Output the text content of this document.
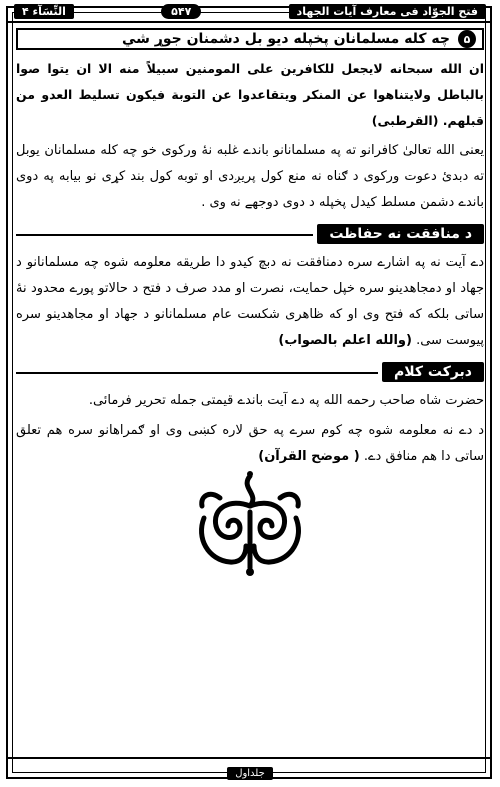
النِّسَآء ۴	۵۴۷	فتح الجوّاد فی معارف آیات الجهاد
۵
چه کله مسلمانان پخپله دیو بل دشمنان جوړ شي

ان الله سبحانه لایجعل للکافرین علی المومنین سبیلاً منه الا ان یتوا صوا بالباطل ولایتناهوا عن المنکر ویتقاعدوا عن التوبة فیکون تسلیط العدو من قبلهم. (القرطبی)

یعنی الله تعالیٰ کافرانو ته په مسلمانانو باندے غلبه نهٔ ورکوی خو چه کله مسلمانان یوبل ته دبدئ دعوت ورکوی د ګناه نه منع کول پریږدی او توبه کول بند کړی نو بیابه په دوی باندے دشمن مسلط کیدل پخپله د دوی دوجهے نه وی .

د منافقت نه حفاظت

دے آیت نه په اشارے سره دمنافقت نه دبچ کیدو دا طریقه معلومه شوه چه مسلمانانو د جهاد او دمجاهدینو سره خپل حمایت، نصرت او مدد صرف د فتح د حالاتو پورے محدود نهٔ ساتی بلکه که فتح وی او که ظاهری شکست عام مسلمانانو د جهاد او مجاهدینو سره پیوست سی. (والله اعلم بالصواب)

دبرکت کلام

حضرت شاه صاحب رحمه الله په دے آیت باندے قیمتی جمله تحریر فرمائی.

د دے نه معلومه شوه چه کوم سرے په حق لاره کښی وی او ګمراهانو سره هم تعلق ساتی دا هم منافق دے. ( موضح القرآن)

جلداول
